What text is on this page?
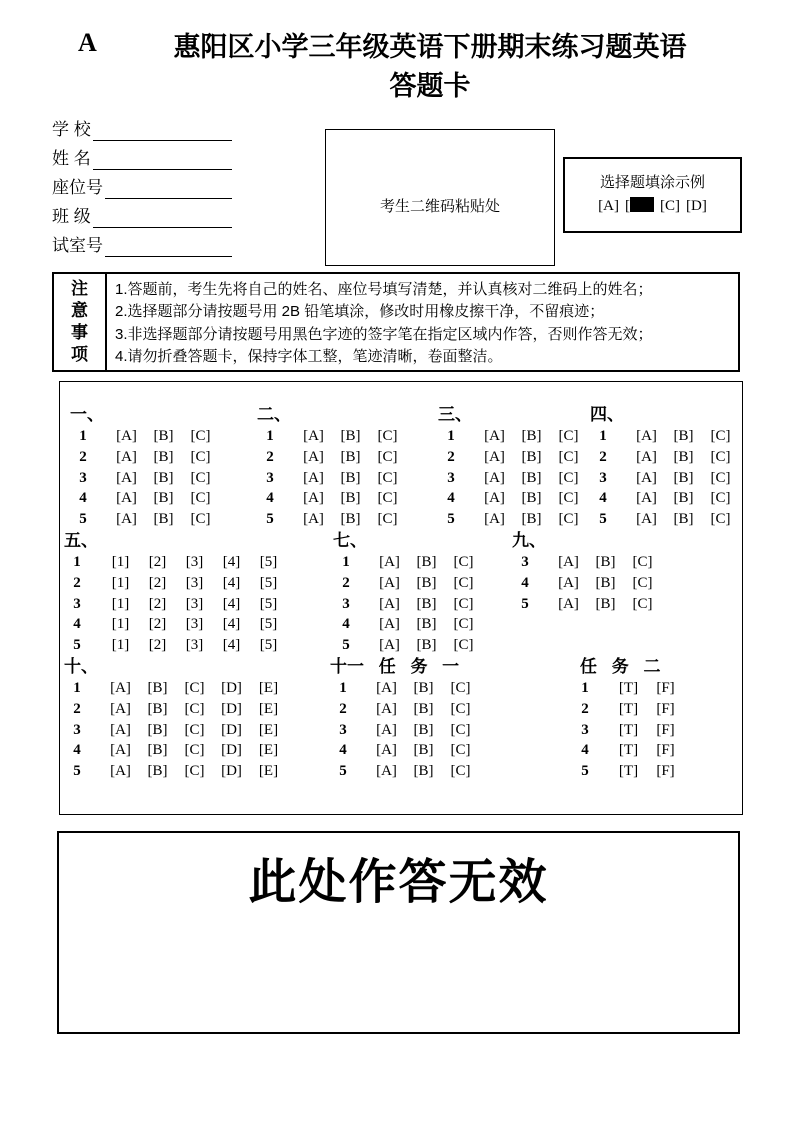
A	惠阳区小学三年级英语下册期末练习题英语
答题卡
学 校
姓 名
座位号
班 级
试室号
考生二维码粘贴处
选择题填涂示例
[A] [	[C] [D]
注
意
事
项
1.答题前，考生先将自己的姓名、座位号填写清楚，并认真核对二维码上的姓名；
2.选择题部分请按题号用 2B 铅笔填涂，修改时用橡皮擦干净，不留痕迹；
3.非选择题部分请按题号用黑色字迹的签字笔在指定区域内作答，否则作答无效；
4.请勿折叠答题卡，保持字体工整，笔迹清晰，卷面整洁。
一、
1 [A] [B] [C]
2 [A] [B] [C]
3 [A] [B] [C]
4 [A] [B] [C]
5 [A] [B] [C]
二、
1 [A] [B] [C]
2 [A] [B] [C]
3 [A] [B] [C]
4 [A] [B] [C]
5 [A] [B] [C]
三、
1 [A] [B] [C]
2 [A] [B] [C]
3 [A] [B] [C]
4 [A] [B] [C]
5 [A] [B] [C]
四、
1 [A] [B] [C]
2 [A] [B] [C]
3 [A] [B] [C]
4 [A] [B] [C]
5 [A] [B] [C]
五、
1 [1] [2] [3] [4] [5]
2 [1] [2] [3] [4] [5]
3 [1] [2] [3] [4] [5]
4 [1] [2] [3] [4] [5]
5 [1] [2] [3] [4] [5]
七、
1 [A] [B] [C]
2 [A] [B] [C]
3 [A] [B] [C]
4 [A] [B] [C]
5 [A] [B] [C]
九、
3 [A] [B] [C]
4 [A] [B] [C]
5 [A] [B] [C]
十、
1 [A] [B] [C] [D] [E]
2 [A] [B] [C] [D] [E]
3 [A] [B] [C] [D] [E]
4 [A] [B] [C] [D] [E]
5 [A] [B] [C] [D] [E]
十一 任 务 一
1 [A] [B] [C]
2 [A] [B] [C]
3 [A] [B] [C]
4 [A] [B] [C]
5 [A] [B] [C]
任 务 二
1 [T] [F]
2 [T] [F]
3 [T] [F]
4 [T] [F]
5 [T] [F]
此处作答无效
